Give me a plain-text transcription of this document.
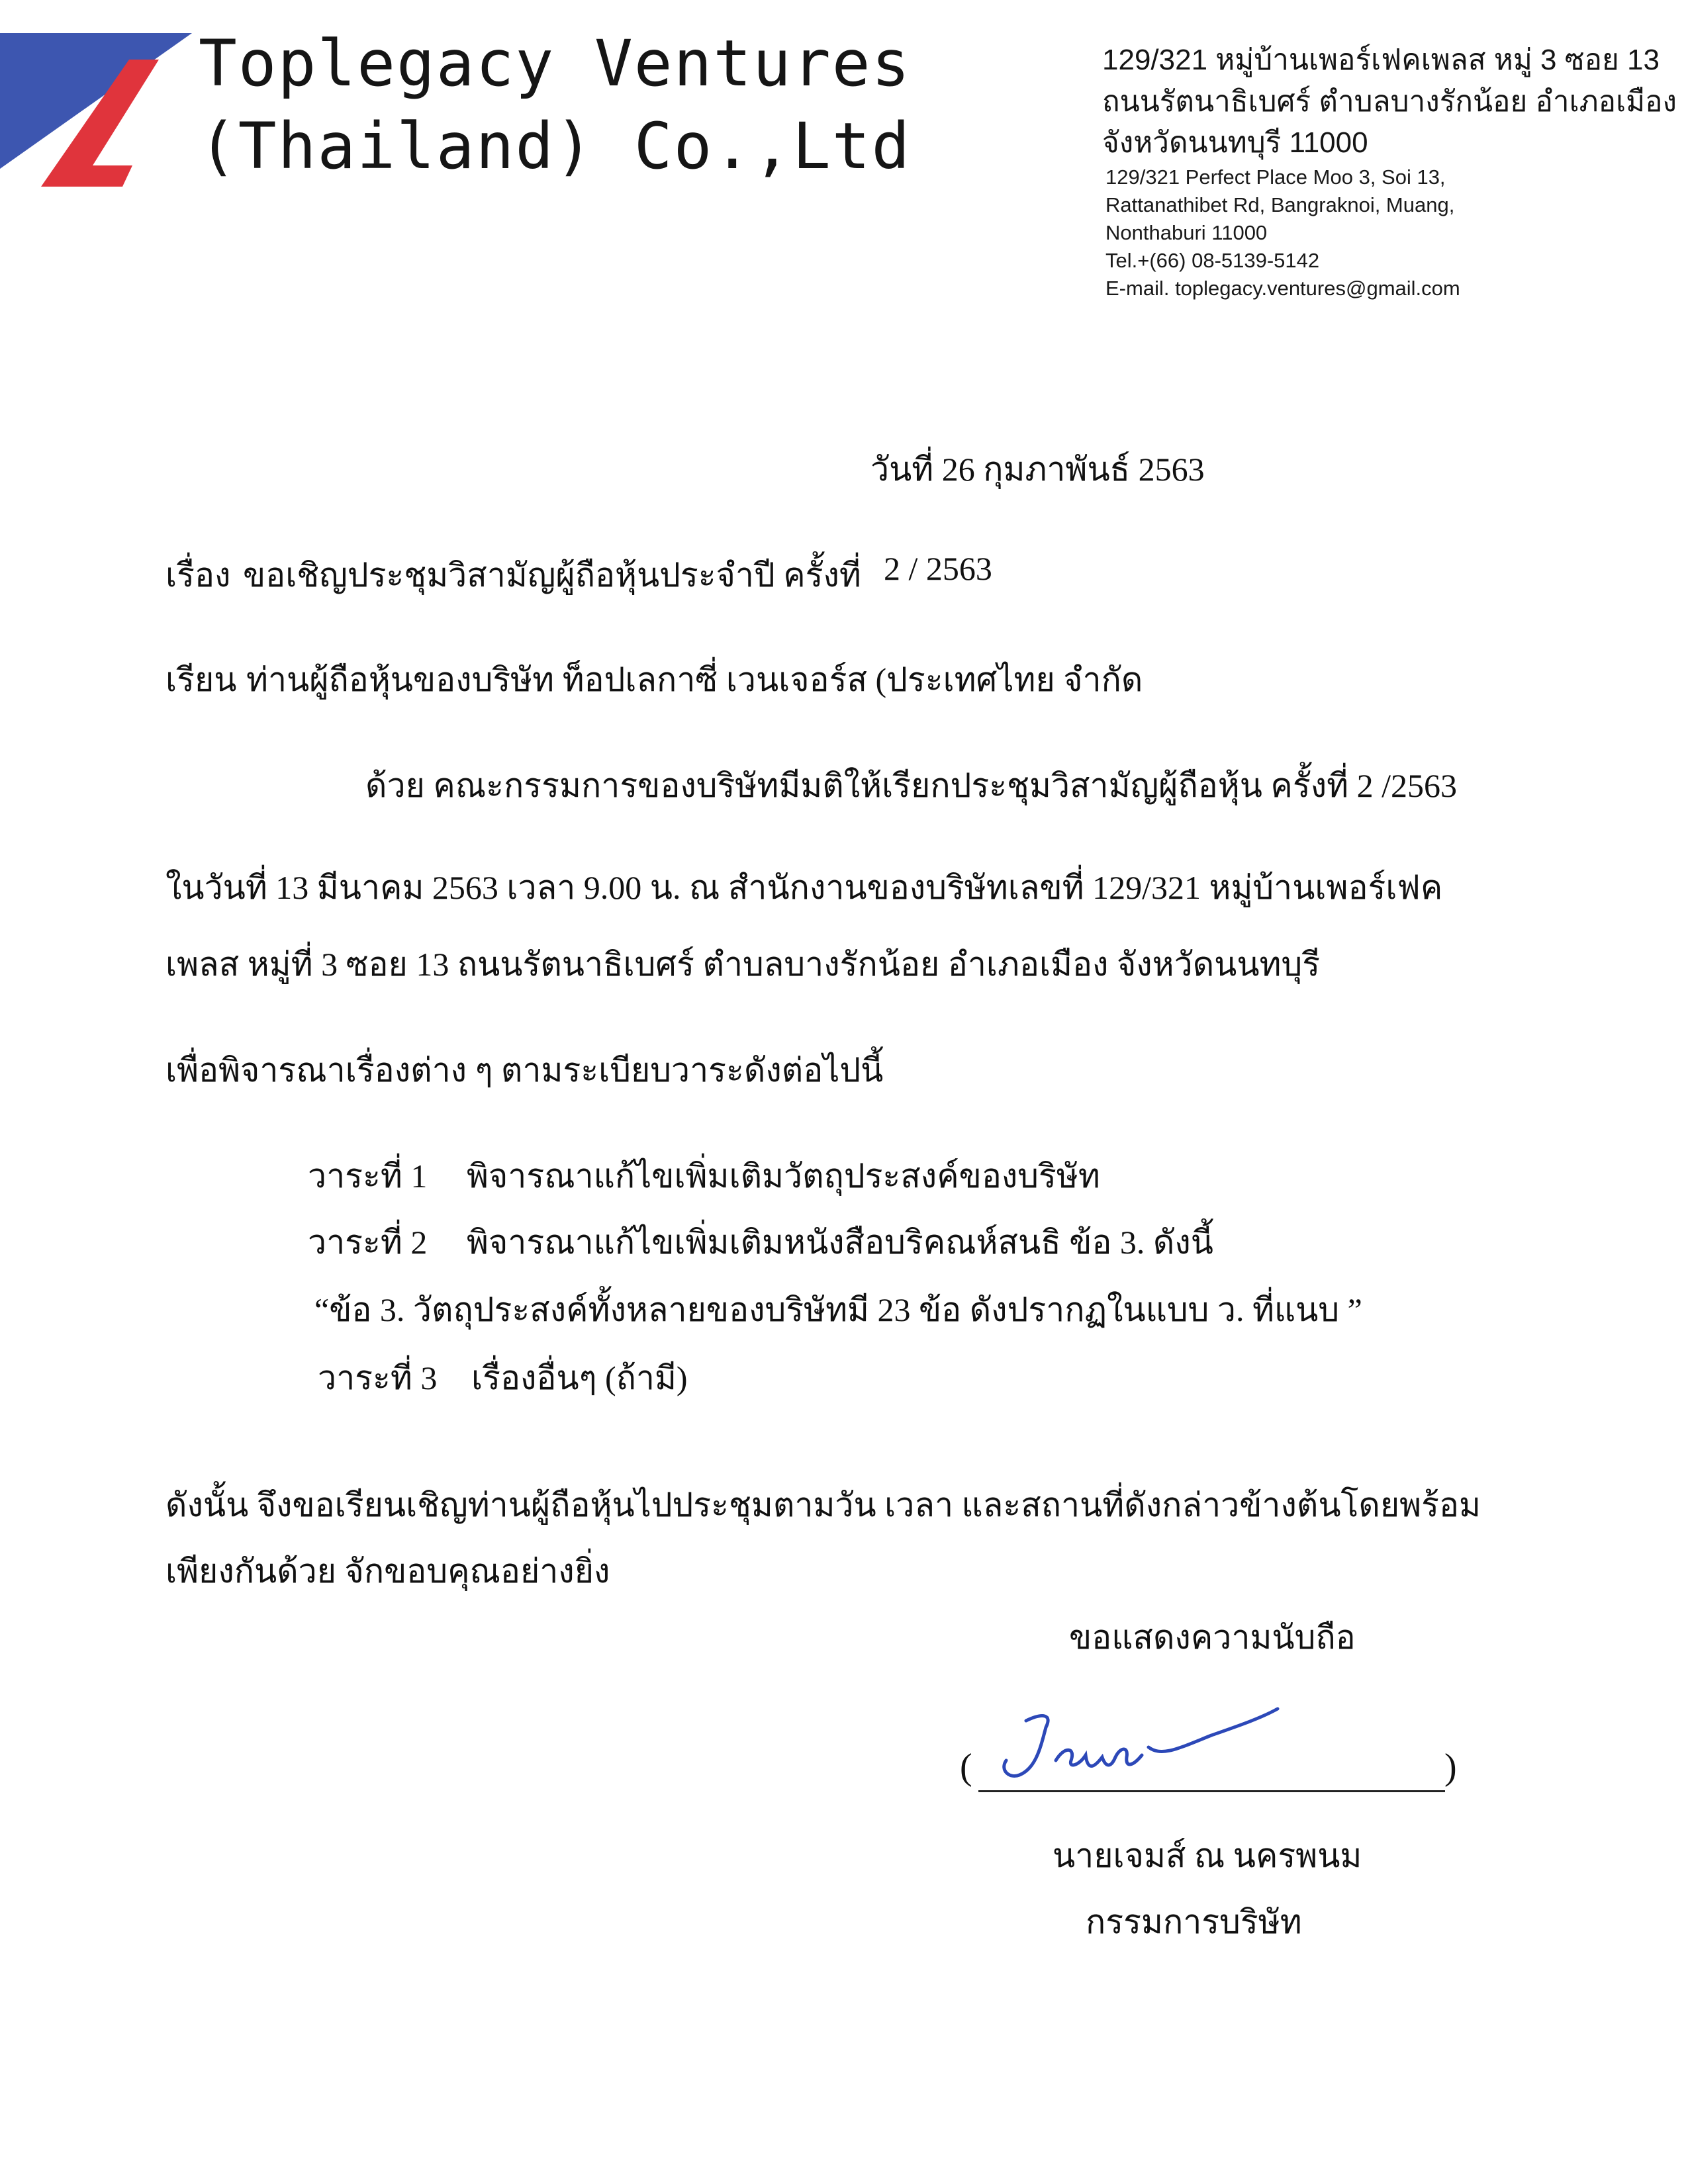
Toplegacy Ventures
(Thailand) Co.,Ltd
129/321 หมู่บ้านเพอร์เฟคเพลส หมู่ 3 ซอย 13
ถนนรัตนาธิเบศร์ ตำบลบางรักน้อย อำเภอเมือง
จังหวัดนนทบุรี 11000
129/321 Perfect Place Moo 3, Soi 13,
Rattanathibet Rd, Bangraknoi, Muang,
Nonthaburi 11000
Tel.+(66) 08-5139-5142
E-mail. toplegacy.ventures@gmail.com
วันที่ 26 กุมภาพันธ์ 2563
เรื่อง ขอเชิญประชุมวิสามัญผู้ถือหุ้นประจำปี ครั้งที่ 2 / 2563
เรียน ท่านผู้ถือหุ้นของบริษัท ท็อปเลกาซี่ เวนเจอร์ส (ประเทศไทย จำกัด
ด้วย คณะกรรมการของบริษัทมีมติให้เรียกประชุมวิสามัญผู้ถือหุ้น ครั้งที่ 2 /2563
ในวันที่ 13 มีนาคม 2563 เวลา 9.00 น. ณ สำนักงานของบริษัทเลขที่ 129/321 หมู่บ้านเพอร์เฟค
เพลส หมู่ที่ 3 ซอย 13 ถนนรัตนาธิเบศร์ ตำบลบางรักน้อย อำเภอเมือง จังหวัดนนทบุรี
เพื่อพิจารณาเรื่องต่าง ๆ ตามระเบียบวาระดังต่อไปนี้
วาระที่ 1 พิจารณาแก้ไขเพิ่มเติมวัตถุประสงค์ของบริษัท
วาระที่ 2 พิจารณาแก้ไขเพิ่มเติมหนังสือบริคณห์สนธิ ข้อ 3. ดังนี้
“ข้อ 3. วัตถุประสงค์ทั้งหลายของบริษัทมี 23 ข้อ ดังปรากฏในแบบ ว. ที่แนบ ”
วาระที่ 3 เรื่องอื่นๆ (ถ้ามี)
ดังนั้น จึงขอเรียนเชิญท่านผู้ถือหุ้นไปประชุมตามวัน เวลา และสถานที่ดังกล่าวข้างต้นโดยพร้อม
เพียงกันด้วย จักขอบคุณอย่างยิ่ง
ขอแสดงความนับถือ
(	)
นายเจมส์ ณ นครพนม
กรรมการบริษัท
